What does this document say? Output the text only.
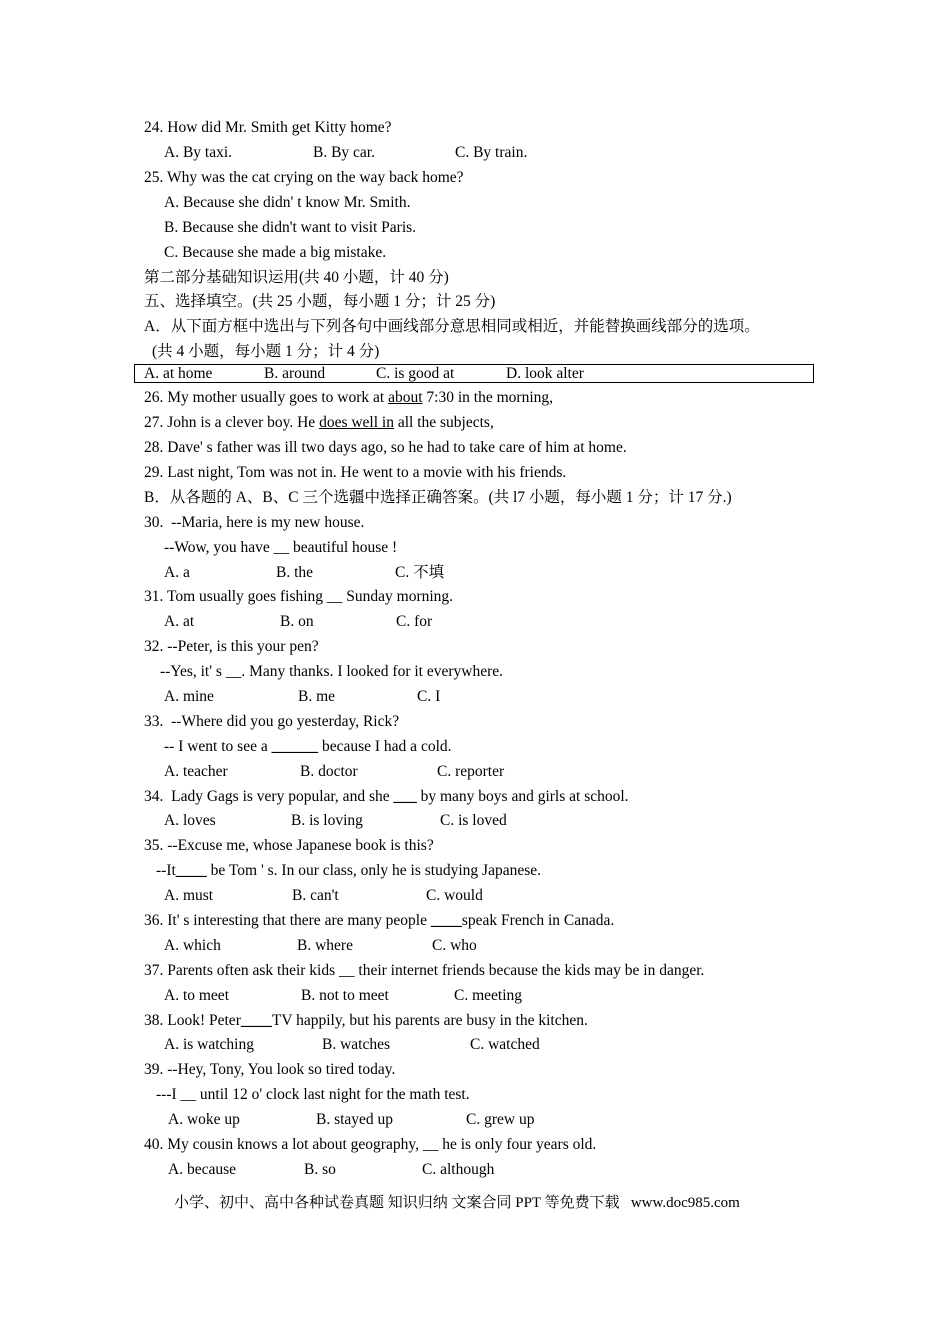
24. How did Mr. Smith get Kitty home?
A. By taxi.	B. By car.	C. By train.
25. Why was the cat crying on the way back home?
A. Because she didn' t know Mr. Smith.
B. Because she didn't want to visit Paris.
C. Because she made a big mistake.
第二部分基础知识运用(共 40 小题，计 40 分)
五、选择填空。(共 25 小题，每小题 1 分；计 25 分)
A．从下面方框中选出与下列各句中画线部分意思相同或相近，并能替换画线部分的选项。
(共 4 小题，每小题 1 分；计 4 分)
A. at home	B. around	C. is good at	D. look alter
26. My mother usually goes to work at about 7:30 in the morning,
27. John is a clever boy. He does well in all the subjects,
28. Dave' s father was ill two days ago, so he had to take care of him at home.
29. Last night, Tom was not in. He went to a movie with his friends.
B．从各题的 A、B、C 三个选疆中选择正确答案。(共 l7 小题，每小题 1 分；计 17 分.)
30.  --Maria, here is my new house.
--Wow, you have __ beautiful house !
A. a	B. the	C. 不填
31. Tom usually goes fishing __ Sunday morning.
A. at	B. on	C. for
32. --Peter, is this your pen?
--Yes, it' s __. Many thanks. I looked for it everywhere.
A. mine	B. me	C. I
33.  --Where did you go yesterday, Rick?
-- I went to see a ______ because I had a cold.
A. teacher	B. doctor	C. reporter
34.  Lady Gags is very popular, and she ___ by many boys and girls at school.
A. loves	B. is loving	C. is loved
35. --Excuse me, whose Japanese book is this?
--It____ be Tom ' s. In our class, only he is studying Japanese.
A. must	B. can't	C. would
36. It' s interesting that there are many people ____speak French in Canada.
A. which	B. where	C. who
37. Parents often ask their kids __ their internet friends because the kids may be in danger.
A. to meet	B. not to meet	C. meeting
38. Look! Peter____TV happily, but his parents are busy in the kitchen.
A. is watching	B. watches	C. watched
39. --Hey, Tony, You look so tired today.
---I __ until 12 o' clock last night for the math test.
A. woke up	B. stayed up	C. grew up
40. My cousin knows a lot about geography, __ he is only four years old.
A. because	B. so	C. although
小学、初中、高中各种试卷真题 知识归纳 文案合同 PPT 等免费下载   www.doc985.com
